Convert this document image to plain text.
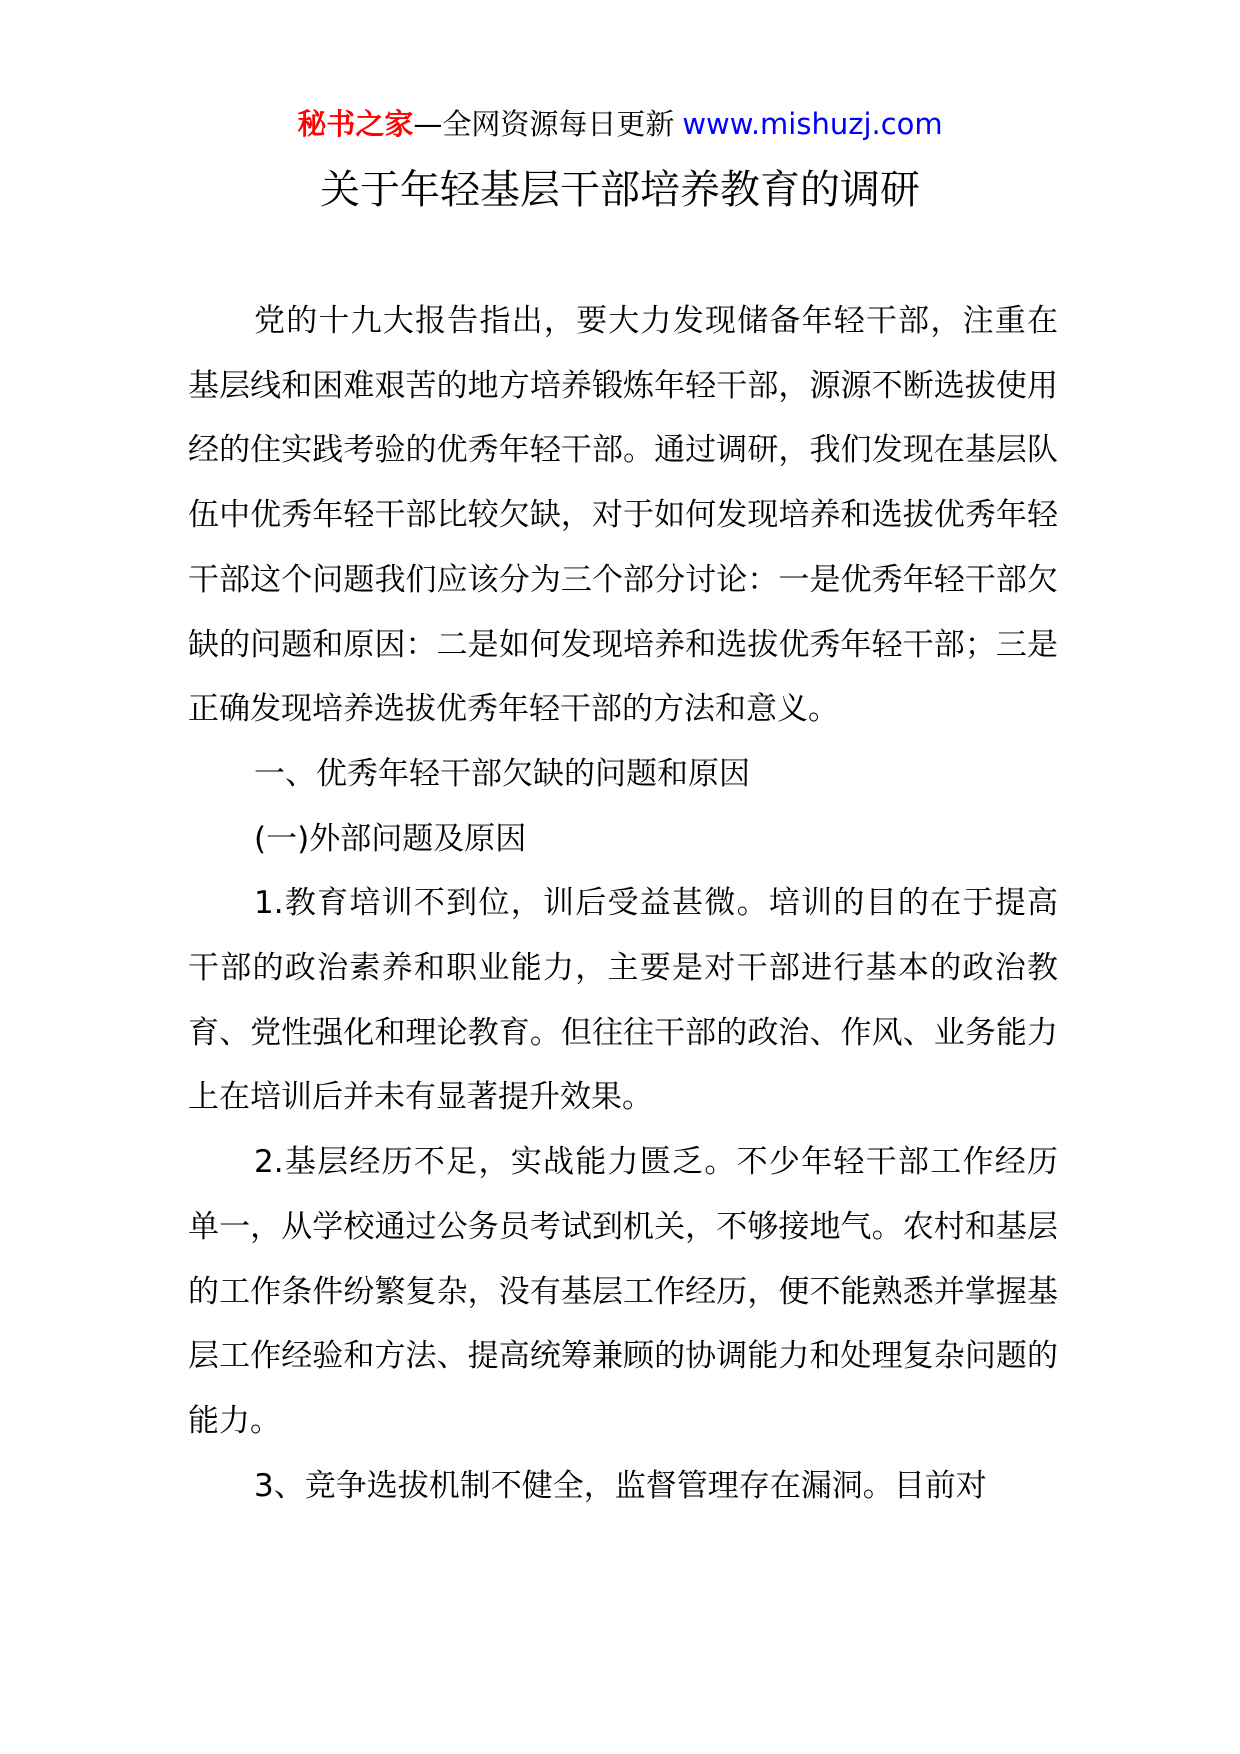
秘书之家—全网资源每日更新 www.mishuzj.com
关于年轻基层干部培养教育的调研

党的十九大报告指出，要大力发现储备年轻干部，注重在基层线和困难艰苦的地方培养锻炼年轻干部，源源不断选拔使用经的住实践考验的优秀年轻干部。通过调研，我们发现在基层队伍中优秀年轻干部比较欠缺，对于如何发现培养和选拔优秀年轻干部这个问题我们应该分为三个部分讨论：一是优秀年轻干部欠缺的问题和原因：二是如何发现培养和选拔优秀年轻干部；三是正确发现培养选拔优秀年轻干部的方法和意义。

一、优秀年轻干部欠缺的问题和原因

(一)外部问题及原因

1.教育培训不到位，训后受益甚微。培训的目的在于提高干部的政治素养和职业能力，主要是对干部进行基本的政治教育、党性强化和理论教育。但往往干部的政治、作风、业务能力上在培训后并未有显著提升效果。

2.基层经历不足，实战能力匮乏。不少年轻干部工作经历单一，从学校通过公务员考试到机关，不够接地气。农村和基层的工作条件纷繁复杂，没有基层工作经历，便不能熟悉并掌握基层工作经验和方法、提高统筹兼顾的协调能力和处理复杂问题的能力。

3、竞争选拔机制不健全，监督管理存在漏洞。目前对
